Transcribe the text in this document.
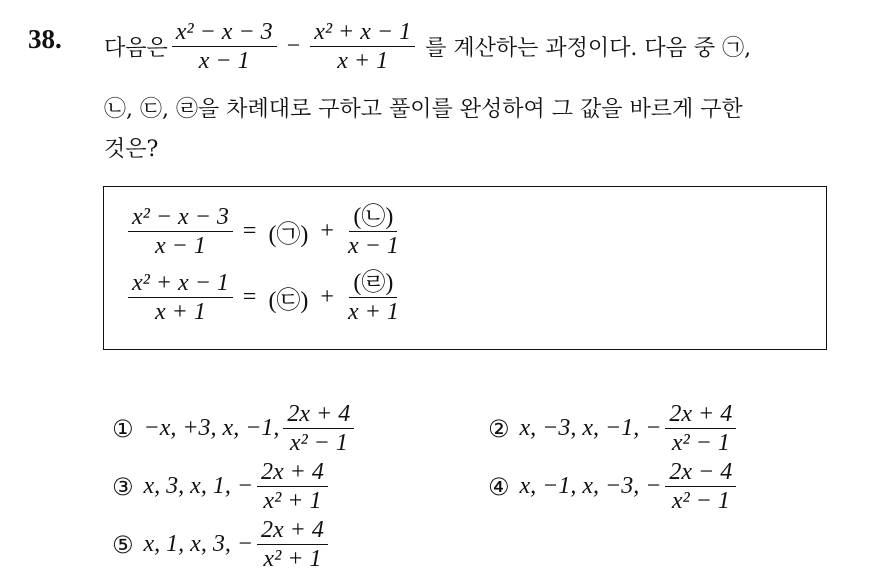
38. 다음은 $\frac{\text{x² − x − 3}}{x - 1} - \frac{\text{x² + x − 1}}{x + 1}$ 를 계산하는 과정이다. 다음 중 ㉠,
㉡, ㉢, ㉣을 차례대로 구하고 풀이를 완성하여 그 값을 바르게 구한
것은?
$\frac{\text{x² − x − 3}}{x - 1}$ = (㉠) + $\frac{(㉡)}{x - 1}$
$\frac{\text{x² + x − 1}}{x + 1}$ = (㉢) + $\frac{(㉣)}{x + 1}$
① −x, +3, x, −1, $\frac{2x + 4}{\text{x² − 1}}$	② x, −3, x, −1, − $\frac{2x + 4}{\text{x² − 1}}$
③ x, 3, x, 1, − $\frac{2x + 4}{\text{x² + 1}}$	④ x, −1, x, −3, − $\frac{2x - 4}{\text{x² − 1}}$
⑤ x, 1, x, 3, − $\frac{2x + 4}{\text{x² + 1}}$
